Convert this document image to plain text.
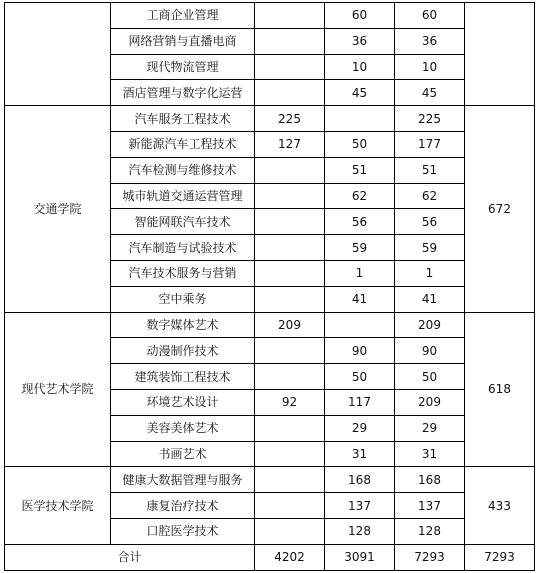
	工商企业管理		60	60	
	网络营销与直播电商		36	36	
	现代物流管理		10	10	
	酒店管理与数字化运营		45	45	
交通学院	汽车服务工程技术	225		225	672
	新能源汽车工程技术	127	50	177	
	汽车检测与维修技术		51	51	
	城市轨道交通运营管理		62	62	
	智能网联汽车技术		56	56	
	汽车制造与试验技术		59	59	
	汽车技术服务与营销		1	1	
	空中乘务		41	41	
现代艺术学院	数字媒体艺术	209		209	618
	动漫制作技术		90	90	
	建筑装饰工程技术		50	50	
	环境艺术设计	92	117	209	
	美容美体艺术		29	29	
	书画艺术		31	31	
医学技术学院	健康大数据管理与服务		168	168	433
	康复治疗技术		137	137	
	口腔医学技术		128	128	
合计		4202	3091	7293	7293
